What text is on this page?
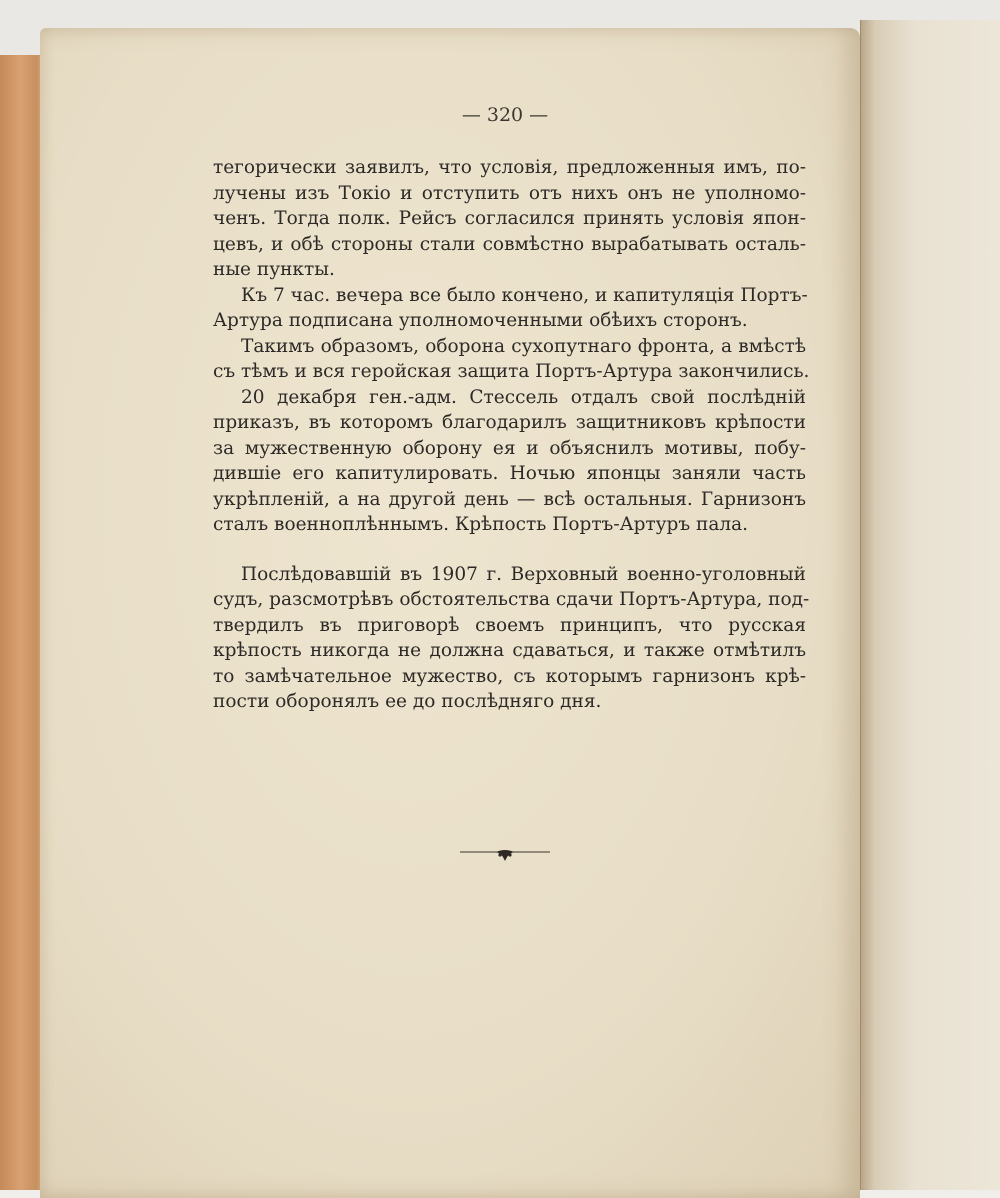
— 320 —
тегорически заявилъ, что условія, предложенныя имъ, по-
лучены изъ Токіо и отступить отъ нихъ онъ не уполномо-
ченъ. Тогда полк. Рейсъ согласился принять условія япон-
цевъ, и обѣ стороны стали совмѣстно вырабатывать осталь-
ные пункты.
Къ 7 час. вечера все было кончено, и капитуляція Портъ-
Артура подписана уполномоченными обѣихъ сторонъ.
Такимъ образомъ, оборона сухопутнаго фронта, а вмѣстѣ
съ тѣмъ и вся геройская защита Портъ-Артура закончились.
20 декабря ген.-адм. Стессель отдалъ свой послѣдній
приказъ, въ которомъ благодарилъ защитниковъ крѣпости
за мужественную оборону ея и объяснилъ мотивы, побу-
дившіе его капитулировать. Ночью японцы заняли часть
укрѣпленій, а на другой день — всѣ остальныя. Гарнизонъ
сталъ военноплѣннымъ. Крѣпость Портъ-Артуръ пала.
Послѣдовавшій въ 1907 г. Верховный военно-уголовный
судъ, разсмотрѣвъ обстоятельства сдачи Портъ-Артура, под-
твердилъ въ приговорѣ своемъ принципъ, что русская
крѣпость никогда не должна сдаваться, и также отмѣтилъ
то замѣчательное мужество, съ которымъ гарнизонъ крѣ-
пости оборонялъ ее до послѣдняго дня.
